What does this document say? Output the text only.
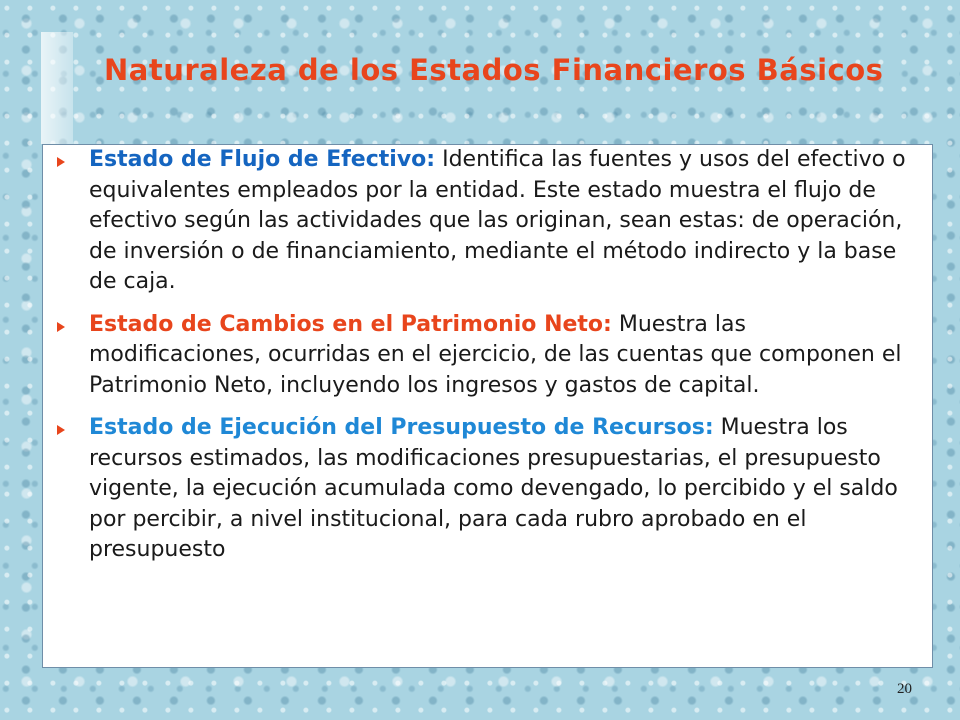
Naturaleza de los Estados Financieros Básicos
Estado de Flujo de Efectivo: Identifica las fuentes y usos del efectivo o equivalentes empleados por la entidad. Este estado muestra el flujo de efectivo según las actividades que las originan, sean estas: de operación, de inversión o de financiamiento, mediante el método indirecto y la base de caja.
Estado de Cambios en el Patrimonio Neto: Muestra las modificaciones, ocurridas en el ejercicio, de las cuentas que componen el Patrimonio Neto, incluyendo los ingresos y gastos de capital.
Estado de Ejecución del Presupuesto de Recursos: Muestra los recursos estimados, las modificaciones presupuestarias, el presupuesto vigente, la ejecución acumulada como devengado, lo percibido y el saldo por percibir, a nivel institucional, para cada rubro aprobado en el presupuesto
20
